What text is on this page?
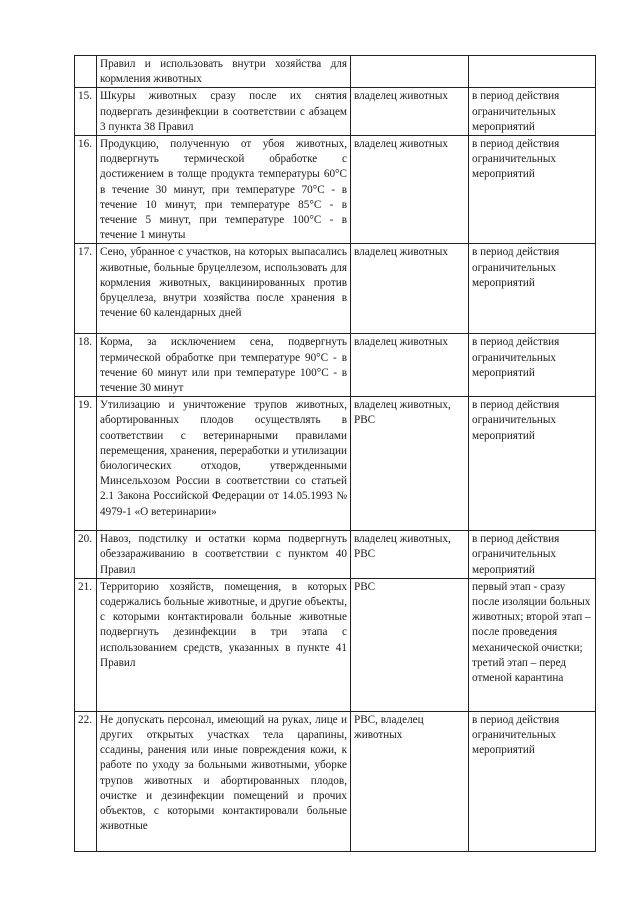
	Правил и использовать внутри хозяйства для кормления животных		
15.	Шкуры животных сразу после их снятия подвергать дезинфекции в соответствии с абзацем 3 пункта 38 Правил	владелец животных	в период действия ограничительных мероприятий
16.	Продукцию, полученную от убоя животных, подвергнуть термической обработке с достижением в толще продукта температуры 60°С в течение 30 минут, при температуре 70°С - в течение 10 минут, при температуре 85°С - в течение 5 минут, при температуре 100°С - в течение 1 минуты	владелец животных	в период действия ограничительных мероприятий
17.	Сено, убранное с участков, на которых выпасались животные, больные бруцеллезом, использовать для кормления животных, вакцинированных против бруцеллеза, внутри хозяйства после хранения в течение 60 календарных дней	владелец животных	в период действия ограничительных мероприятий
18.	Корма, за исключением сена, подвергнуть термической обработке при температуре 90°С - в течение 60 минут или при температуре 100°С - в течение 30 минут	владелец животных	в период действия ограничительных мероприятий
19.	Утилизацию и уничтожение трупов животных, абортированных плодов осуществлять в соответствии с ветеринарными правилами перемещения, хранения, переработки и утилизации биологических отходов, утвержденными Минсельхозом России в соответствии со статьей 2.1 Закона Российской Федерации от 14.05.1993 № 4979-1 «О ветеринарии»	владелец животных, РВС	в период действия ограничительных мероприятий
20.	Навоз, подстилку и остатки корма подвергнуть обеззараживанию в соответствии с пунктом 40 Правил	владелец животных, РВС	в период действия ограничительных мероприятий
21.	Территорию хозяйств, помещения, в которых содержались больные животные, и другие объекты, с которыми контактировали больные животные подвергнуть дезинфекции в три этапа с использованием средств, указанных в пункте 41 Правил	РВС	первый этап - сразу после изоляции больных животных; второй этап – после проведения механической очистки; третий этап – перед отменой карантина
22.	Не допускать персонал, имеющий на руках, лице и других открытых участках тела царапины, ссадины, ранения или иные повреждения кожи, к работе по уходу за больными животными, уборке трупов животных и абортированных плодов, очистке и дезинфекции помещений и прочих объектов, с которыми контактировали больные животные	РВС, владелец животных	в период действия ограничительных мероприятий
